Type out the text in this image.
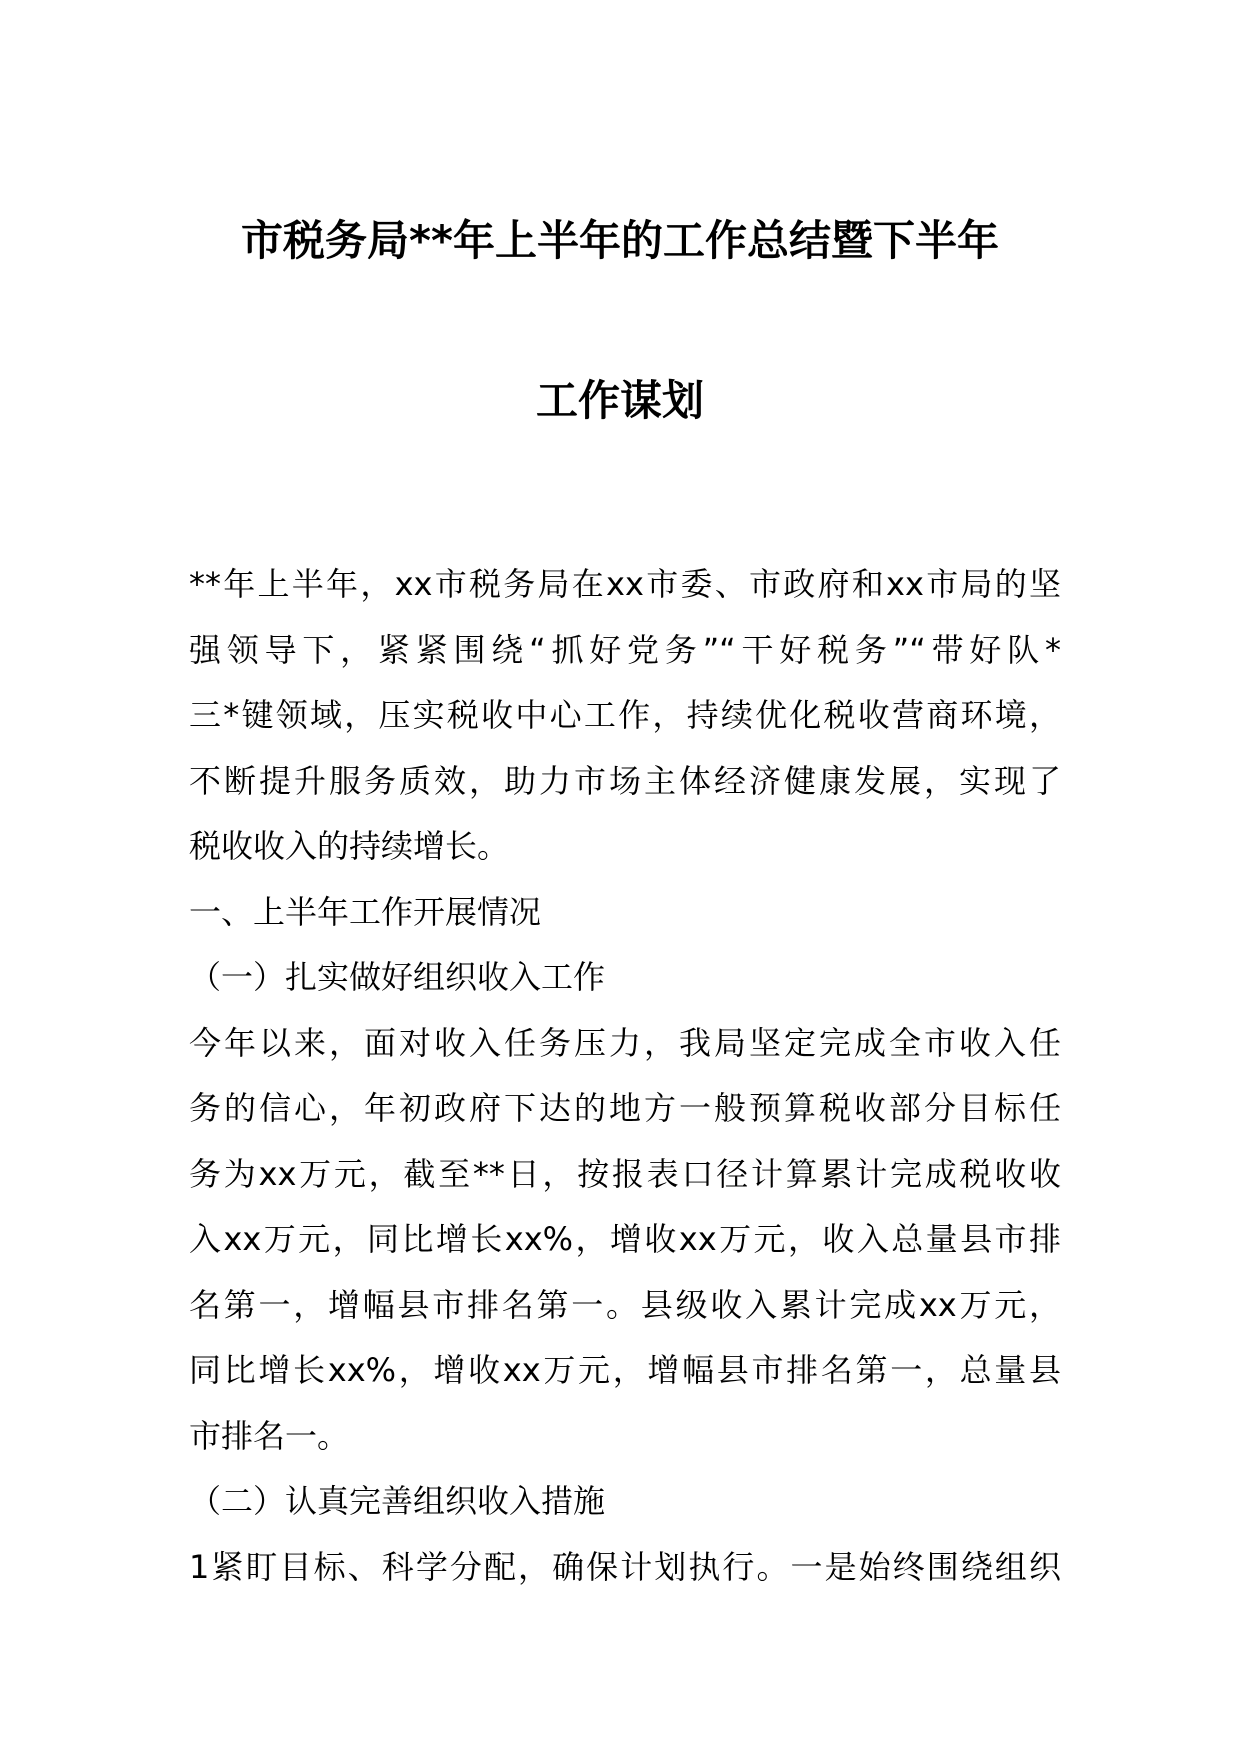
市税务局**年上半年的工作总结暨下半年
工作谋划
**年上半年，xx市税务局在xx市委、市政府和xx市局的坚
强领导下，紧紧围绕“抓好党务”“干好税务”“带好队*
三*键领域，压实税收中心工作，持续优化税收营商环境，
不断提升服务质效，助力市场主体经济健康发展，实现了
税收收入的持续增长。
一、上半年工作开展情况
（一）扎实做好组织收入工作
今年以来，面对收入任务压力，我局坚定完成全市收入任
务的信心，年初政府下达的地方一般预算税收部分目标任
务为xx万元，截至**日，按报表口径计算累计完成税收收
入xx万元，同比增长xx%，增收xx万元，收入总量县市排
名第一，增幅县市排名第一。县级收入累计完成xx万元，
同比增长xx%，增收xx万元，增幅县市排名第一，总量县
市排名一。
（二）认真完善组织收入措施
1紧盯目标、科学分配，确保计划执行。一是始终围绕组织
